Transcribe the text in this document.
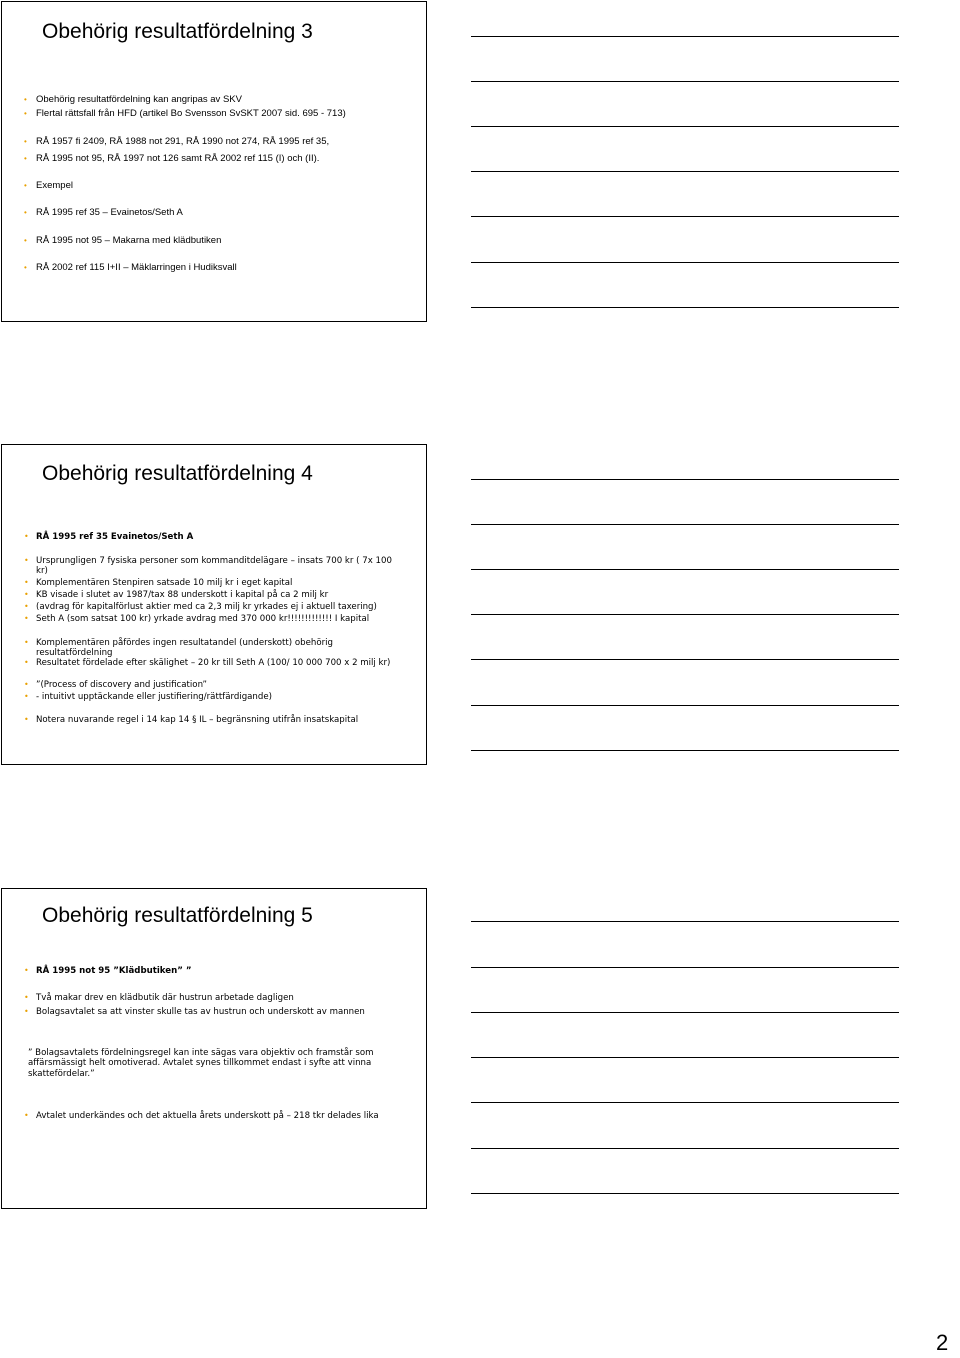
Obehörig resultatfördelning 3
• Obehörig resultatfördelning kan angripas av SKV
• Flertal rättsfall från HFD (artikel Bo Svensson SvSKT 2007 sid. 695 - 713)
• RÅ 1957 fi 2409, RÅ 1988 not 291, RÅ 1990 not 274, RÅ 1995 ref 35,
• RÅ 1995 not 95, RÅ 1997 not 126 samt RÅ 2002 ref 115 (I) och (II).
• Exempel
• RÅ 1995 ref 35 – Evainetos/Seth A
• RÅ 1995 not 95 – Makarna med klädbutiken
• RÅ 2002 ref 115 I+II – Mäklarringen i Hudiksvall
Obehörig resultatfördelning 4
• RÅ 1995 ref 35 Evainetos/Seth A
• Ursprungligen 7 fysiska personer som kommanditdelägare – insats 700 kr ( 7x 100 kr)
• Komplementären Stenpiren satsade 10 milj kr i eget kapital
• KB visade i slutet av 1987/tax 88 underskott i kapital på ca 2 milj kr
• (avdrag för kapitalförlust aktier med ca 2,3 milj kr yrkades ej i aktuell taxering)
• Seth A (som satsat 100 kr) yrkade avdrag med 370 000 kr!!!!!!!!!!!!! I kapital
• Komplementären påfördes ingen resultatandel (underskott) obehörig resultatfördelning
• Resultatet fördelade efter skälighet – 20 kr till Seth A (100/ 10 000 700 x 2 milj kr)
• ”(Process of discovery and justification”
• - intuitivt upptäckande eller justifiering/rättfärdigande)
• Notera nuvarande regel i 14 kap 14 § IL – begränsning utifrån insatskapital
Obehörig resultatfördelning 5
• RÅ 1995 not 95 ”Klädbutiken” ”
• Två makar drev en klädbutik där hustrun arbetade dagligen
• Bolagsavtalet sa att vinster skulle tas av hustrun och underskott av mannen
” Bolagsavtalets fördelningsregel kan inte sägas vara objektiv och framstår som affärsmässigt helt omotiverad. Avtalet synes tillkommet endast i syfte att vinna skattefördelar.”
• Avtalet underkändes och det aktuella årets underskott på – 218 tkr delades lika
2
